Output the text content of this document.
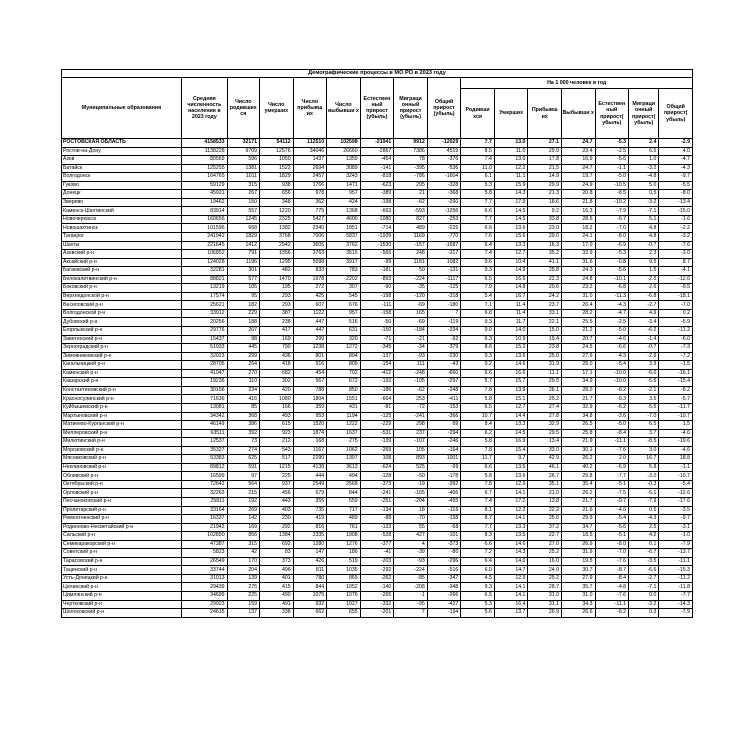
Демографические процессы в МО РО в 2023 году															
Муниципальные образования	Средняя численность населения в 2023 году	Число родивших ся	Число умерших	Число прибывш их	Число выбывши х	Естествен ный прирост (убыль)	Миграци онный прирост (убыль)	Общий прирост (убыль)	На 1 000 человек в год						
									Родивши хся	Умерших	Прибывш их	Выбывши х	Естествен ный прирост( убыль)	Миграци онный прирост( убыль)	Общий прирост( убыль)
РОСТОВСКАЯ ОБЛАСТЬ	4158533	32171	54112	112510	102598	-21941	9912	-12029	7.7	13.0	27.1	24.7	-5.3	2.4	-2.9
Ростов-на-Дону	1138228	9709	12576	34046	26660	-2867	7386	4519	8.5	11.0	29.9	23.4	-2.5	6.5	4.0
Азов	80569	596	1050	1437	1359	-454	78	-376	7.4	13.0	17.8	16.9	-5.6	1.0	-4.7
Батайск	125255	1381	1522	2694	3089	-141	-395	-536	11.0	12.2	21.5	24.7	-1.1	-3.2	-4.3
Волгодонск	164765	1011	1829	2457	3243	-818	-786	-1604	6.1	11.1	14.9	19.7	-5.0	-4.8	-9.7
Гуково	59129	315	938	1766	1471	-623	295	-328	5.3	15.9	29.9	24.9	-10.5	5.0	-5.5
Донецк	45921	267	656	978	957	-389	21	-368	5.8	14.3	21.3	20.8	-8.5	0.5	-8.0
Зверево	19462	150	348	362	424	-198	-62	-260	7.7	17.9	18.6	21.8	-10.2	-3.2	-13.4
Каменск-Шахтинский	83914	557	1220	775	1368	-663	-593	-1256	6.6	14.5	9.2	16.3	-7.9	-7.1	-15.0
Новочеркасск	160656	1245	2325	5427	4600	-1080	827	-253	7.7	14.5	33.8	28.6	-6.7	5.1	-1.6
Новошахтинск	101596	668	1382	2340	1851	-714	489	-225	6.6	13.6	23.0	18.2	-7.0	4.8	-2.2
Таганрог	241942	1829	3768	7006	5837	-1939	1169	-770	7.6	15.6	29.0	24.1	-8.0	4.8	-3.2
Шахты	221645	1412	2942	3605	3762	-1530	-157	-1687	6.4	13.3	16.3	17.0	-6.9	-0.7	-7.6
Азовский р-н	106852	791	1356	3763	3515	-565	248	-317	7.4	12.7	35.2	32.9	-5.3	2.3	-3.0
Аксайский р-н	124028	1196	1295	5098	3917	-99	1181	1082	9.6	10.4	41.1	31.6	-0.8	9.5	8.7
Багаевский р-н	32281	301	482	833	783	-181	50	-131	9.3	14.9	25.8	24.3	-5.6	1.5	-4.1
Белокалитвинский р-н	88821	577	1470	1978	2202	-893	-224	-1117	6.5	16.6	22.3	24.8	-10.1	-2.5	-12.6
Боковский р-н	13219	105	195	272	307	-90	-35	-125	7.9	14.8	20.6	23.2	-6.8	-2.6	-9.5
Верхнедонской р-н	17574	95	293	425	545	-198	-120	-318	5.4	16.7	24.2	31.0	-11.3	-6.8	-18.1
Веселовский р-н	25621	182	293	607	676	-111	-69	-180	7.1	11.4	23.7	26.4	-4.3	-2.7	-7.0
Волгодонской р-н	33912	229	387	1122	957	-158	165	7	6.8	11.4	33.1	28.2	-4.7	4.9	0.2
Дубовский р-н	20256	188	238	447	516	-50	-69	-119	9.3	11.7	22.1	25.5	-2.5	-3.4	-5.9
Егорлыкский р-н	29776	267	417	447	631	-150	-184	-334	9.0	14.0	15.0	21.2	-5.0	-6.2	-11.2
Заветинский р-н	15437	98	169	299	320	-71	-21	-92	6.3	10.9	19.4	20.7	-4.6	-1.4	-6.0
Зерноградский р-н	51933	445	790	1238	1272	-345	-34	-379	8.6	15.2	23.8	24.5	-6.6	-0.7	-7.3
Зимовниковский р-н	32023	299	436	801	894	-137	-93	-230	9.3	13.6	25.0	27.9	-4.3	-2.9	-7.2
Кагальницкий р-н	28705	264	418	916	805	-154	111	-43	9.2	14.6	31.9	28.0	-5.4	3.9	-1.5
Каменский р-н	41047	270	682	454	702	-412	-248	-660	6.6	16.6	11.1	17.1	-10.0	-6.0	-16.1
Кашарский р-н	19236	110	302	567	672	-192	-105	-297	5.7	15.7	29.5	34.9	-10.0	-5.5	-15.4
Константиновский р-н	30156	234	420	788	850	-186	-62	-248	7.8	13.9	26.1	28.2	-6.2	-2.1	-8.2
Красносулинский р-н	71636	416	1080	1804	1551	-664	253	-411	5.8	15.1	25.2	21.7	-9.3	3.5	-5.7
Куйбышевский р-н	13081	85	166	359	431	-81	-72	-153	6.5	12.7	27.4	32.9	-6.2	-5.5	-11.7
Мартыновский р-н	34342	368	493	953	1194	-125	-241	-366	10.7	14.4	27.8	34.8	-3.6	-7.0	-10.7
Матвеево-Курганский р-н	46149	386	615	1520	1222	-229	298	69	8.4	13.3	32.9	26.5	-5.0	6.5	1.5
Миллеровский р-н	63511	392	923	1874	1637	-531	237	-294	6.2	14.5	29.5	25.8	-8.4	3.7	-4.6
Милютинский р-н	12537	73	212	168	275	-139	-107	-246	5.8	16.9	13.4	21.9	-11.1	-8.5	-19.6
Морозовский р-н	35327	274	543	1167	1062	-269	105	-164	7.8	15.4	33.0	30.1	-7.6	3.0	-4.6
Мясниковский р-н	53383	625	517	2290	1397	108	893	1001	11.7	9.7	42.9	26.2	2.0	16.7	18.8
Неклиновский р-н	89812	591	1215	4138	3613	-624	525	-99	6.6	13.5	46.1	40.2	-6.9	5.8	-1.1
Обливский р-н	16599	97	225	444	494	-128	-50	-178	5.8	13.6	26.7	29.8	-7.7	-3.0	-10.7
Октябрьский р-н	72642	564	937	2549	2568	-373	-19	-392	7.8	12.9	35.1	35.4	-5.1	-0.3	-5.4
Орловский р-н	32263	215	456	679	844	-241	-165	-406	6.7	14.1	21.0	26.2	-7.5	-5.1	-12.6
Песчанокопский р-н	25811	192	443	355	559	-251	-204	-455	7.4	17.2	13.8	21.7	-9.7	-7.9	-17.6
Пролетарский р-н	33164	269	403	735	717	-134	18	-116	8.1	12.2	22.2	21.6	-4.0	0.5	-3.5
Ремонтненский р-н	16337	142	230	419	489	-88	-70	-158	8.7	14.1	25.6	29.9	-5.4	-4.3	-9.7
Родионово-Несветайский р-н	21942	169	292	816	761	-123	55	-68	7.7	13.3	37.2	34.7	-5.6	2.5	-3.1
Сальский р-н	102890	856	1384	2335	1908	-528	427	-101	8.3	13.5	22.7	18.5	-5.1	4.2	-1.0
Семикаракорский р-н	47387	315	692	1280	1276	-377	4	-373	6.6	14.6	27.0	26.9	-8.0	0.1	-7.9
Советский р-н	5823	42	83	147	186	-41	-39	-80	7.2	14.3	25.2	31.9	-7.0	-6.7	-13.7
Тарасовский р-н	26549	170	373	426	519	-203	-93	-296	6.4	14.0	16.0	19.5	-7.6	-3.5	-11.1
Тацинский р-н	33744	204	496	811	1035	-292	-224	-516	6.0	14.7	24.0	30.7	-8.7	-6.6	-15.3
Усть-Донецкий р-н	31013	139	401	780	865	-262	-85	-347	4.5	12.9	25.2	27.9	-8.4	-2.7	-11.2
Целинский р-н	29439	275	415	844	1052	-140	-208	-348	9.3	14.1	28.7	35.7	-4.8	-7.1	-11.8
Цимлянский р-н	34699	225	490	1075	1076	-265	-1	-266	6.5	14.1	31.0	31.0	-7.6	0.0	-7.7
Чертковский р-н	29923	159	491	932	1027	-332	-95	-427	5.3	16.4	31.1	34.3	-11.1	-3.2	-14.3
Шолоховский р-н	24615	137	338	662	655	-201	7	-194	5.6	13.7	26.9	26.6	-8.2	0.3	-7.9
